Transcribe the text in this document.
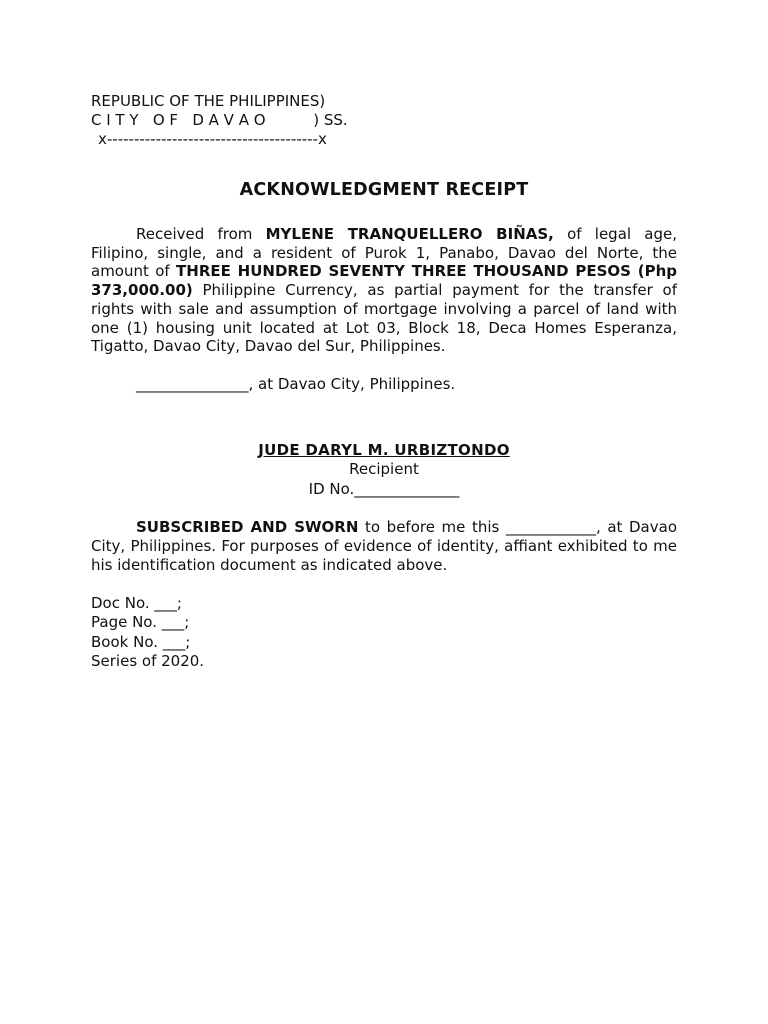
REPUBLIC OF THE PHILIPPINES)
C I T Y   O F   D A V A O          ) SS.
x---------------------------------------x
ACKNOWLEDGMENT RECEIPT
Received from MYLENE TRANQUELLERO BIÑAS, of legal age, Filipino, single, and a resident of Purok 1, Panabo, Davao del Norte, the amount of THREE HUNDRED SEVENTY THREE THOUSAND PESOS (Php 373,000.00) Philippine Currency, as partial payment for the transfer of rights with sale and assumption of mortgage involving a parcel of land with one (1) housing unit located at Lot 03, Block 18, Deca Homes Esperanza, Tigatto, Davao City, Davao del Sur, Philippines.
_______________, at Davao City, Philippines.
JUDE DARYL M. URBIZTONDO
Recipient
ID No.______________
SUBSCRIBED AND SWORN to before me this ____________, at Davao City, Philippines. For purposes of evidence of identity, affiant exhibited to me his identification document as indicated above.
Doc No. ___;
Page No. ___;
Book No. ___;
Series of 2020.
